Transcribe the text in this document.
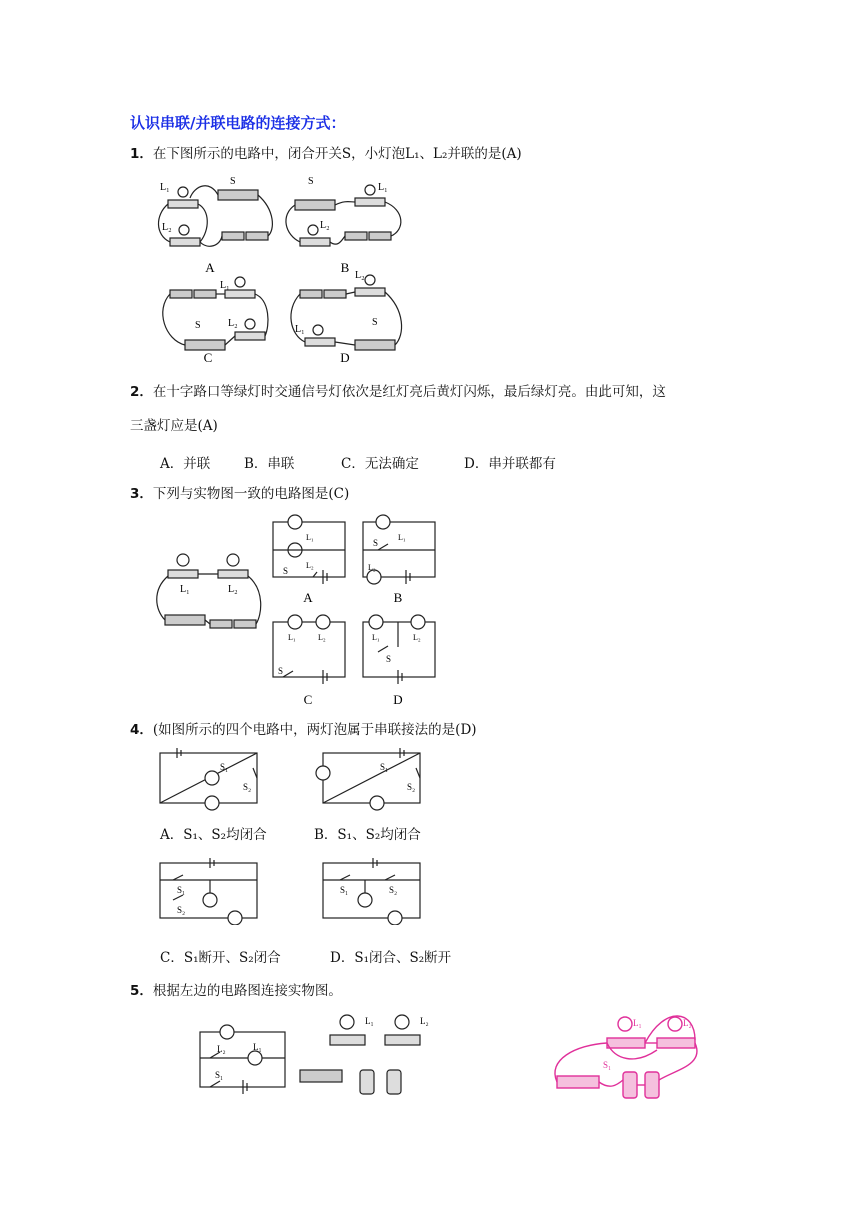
认识串联/并联电路的连接方式：
1．在下图所示的电路中，闭合开关S，小灯泡L₁、L₂并联的是(A)
A	B
C	D
L₁
L₂
S
L₁
L₂
S
L₁
L₂
S
L₂
L₁
S
2．在十字路口等绿灯时交通信号灯依次是红灯亮后黄灯闪烁，最后绿灯亮。由此可知，这
三盏灯应是(A)
A．并联	B．串联	C．无法确定	D．串并联都有
3．下列与实物图一致的电路图是(C)
L₁	L₂
A	B
C	D
S
S
S
S
L₁
L₂
L₁
L₂
L₁	L₂	L₁	L₂
4．(如图所示的四个电路中，两灯泡属于串联接法的是(D)
S₁
S₂
S₁
S₂
A．S₁、S₂均闭合	B．S₁、S₂均闭合
S₁
S₂
S₁	S₂
C．S₁断开、S₂闭合	D．S₁闭合、S₂断开
5．根据左边的电路图连接实物图。
L₂	L₁
S₁
L₁	L₂	L₁	L₂
S₁
